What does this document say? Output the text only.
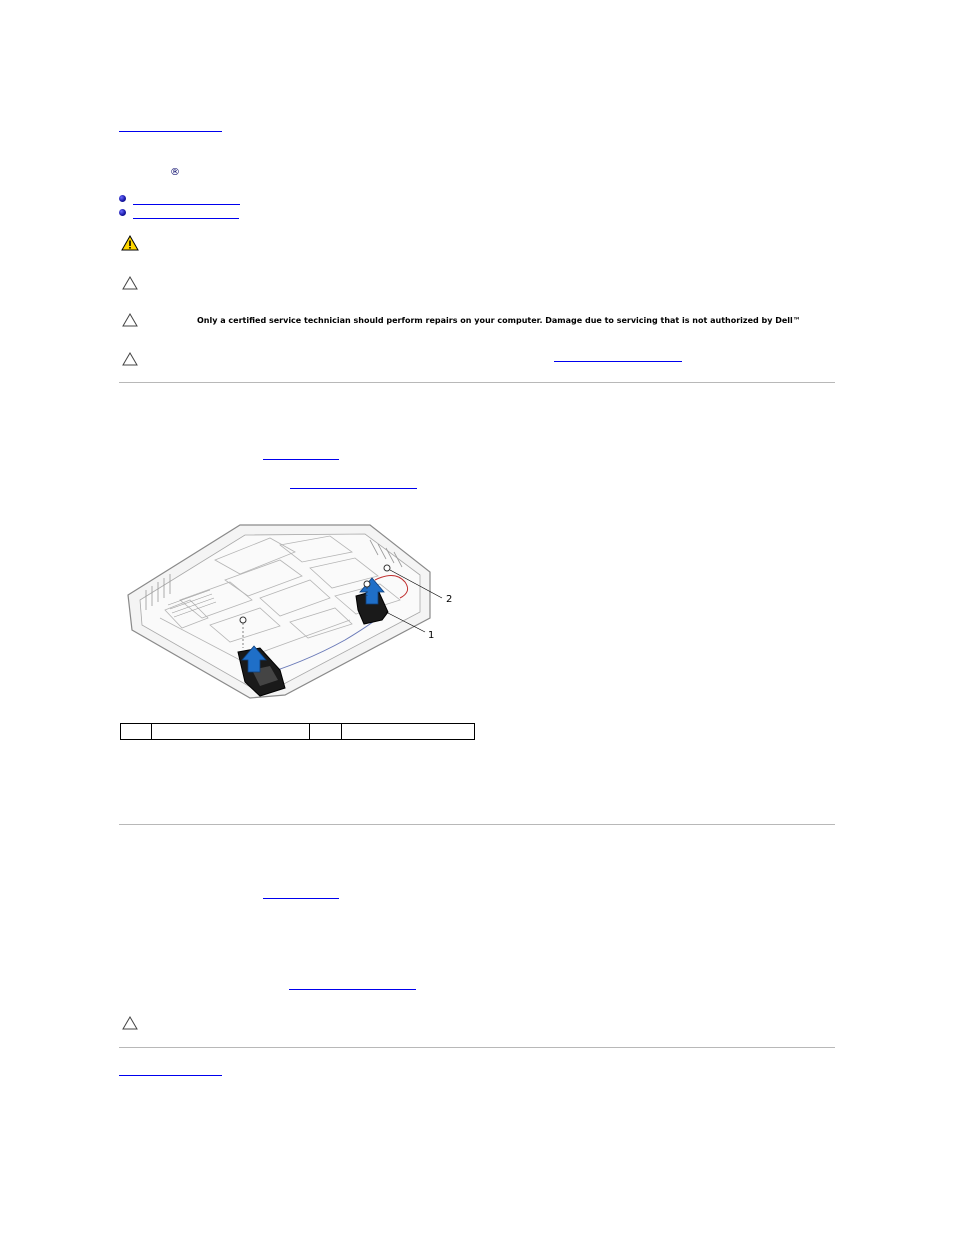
®
Only a certified service technician should perform repairs on your computer. Damage due to servicing that is not authorized by Dell™
2
1
